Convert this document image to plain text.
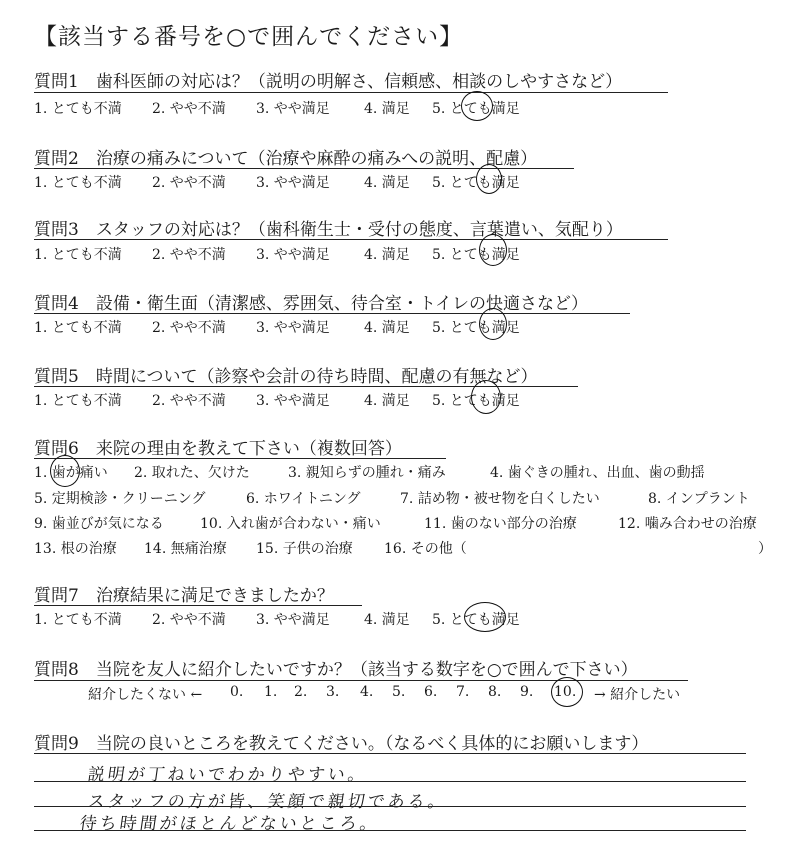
【該当する番号を○で囲んでください】
質問1　歯科医師の対応は？（説明の明解さ、信頼感、相談のしやすさなど）
1. とても不満 2. やや不満 3. やや満足 4. 満足 5. とても満足
質問2　治療の痛みについて（治療や麻酔の痛みへの説明、配慮）
1. とても不満 2. やや不満 3. やや満足 4. 満足 5. とても満足
質問3　スタッフの対応は？（歯科衛生士・受付の態度、言葉遣い、気配り）
1. とても不満 2. やや不満 3. やや満足 4. 満足 5. とても満足
質問4　設備・衛生面（清潔感、雰囲気、待合室・トイレの快適さなど）
1. とても不満 2. やや不満 3. やや満足 4. 満足 5. とても満足
質問5　時間について（診察や会計の待ち時間、配慮の有無など）
1. とても不満 2. やや不満 3. やや満足 4. 満足 5. とても満足
質問6　来院の理由を教えて下さい（複数回答）
1. 歯が痛い 2. 取れた、欠けた	3. 親知らずの腫れ・痛み	4. 歯ぐきの腫れ、出血、歯の動揺
5. 定期検診・クリーニング	6. ホワイトニング	7. 詰め物・被せ物を白くしたい	8. インプラント
9. 歯並びが気になる	10. 入れ歯が合わない・痛い	11. 歯のない部分の治療	12. 噛み合わせの治療
13. 根の治療 14. 無痛治療 15. 子供の治療 16. その他（	）
質問7　治療結果に満足できましたか？
1. とても不満 2. やや不満 3. やや満足 4. 満足 5. とても満足
質問8　当院を友人に紹介したいですか？（該当する数字を○で囲んで下さい）
紹介したくない ← 0. 1. 2. 3. 4. 5. 6. 7. 8. 9. 10. → 紹介したい
質問9　当院の良いところを教えてください。（なるべく具体的にお願いします）
説明が丁ねいでわかりやすい。
スタッフの方が皆、笑顔で親切である。
待ち時間がほとんどないところ。
